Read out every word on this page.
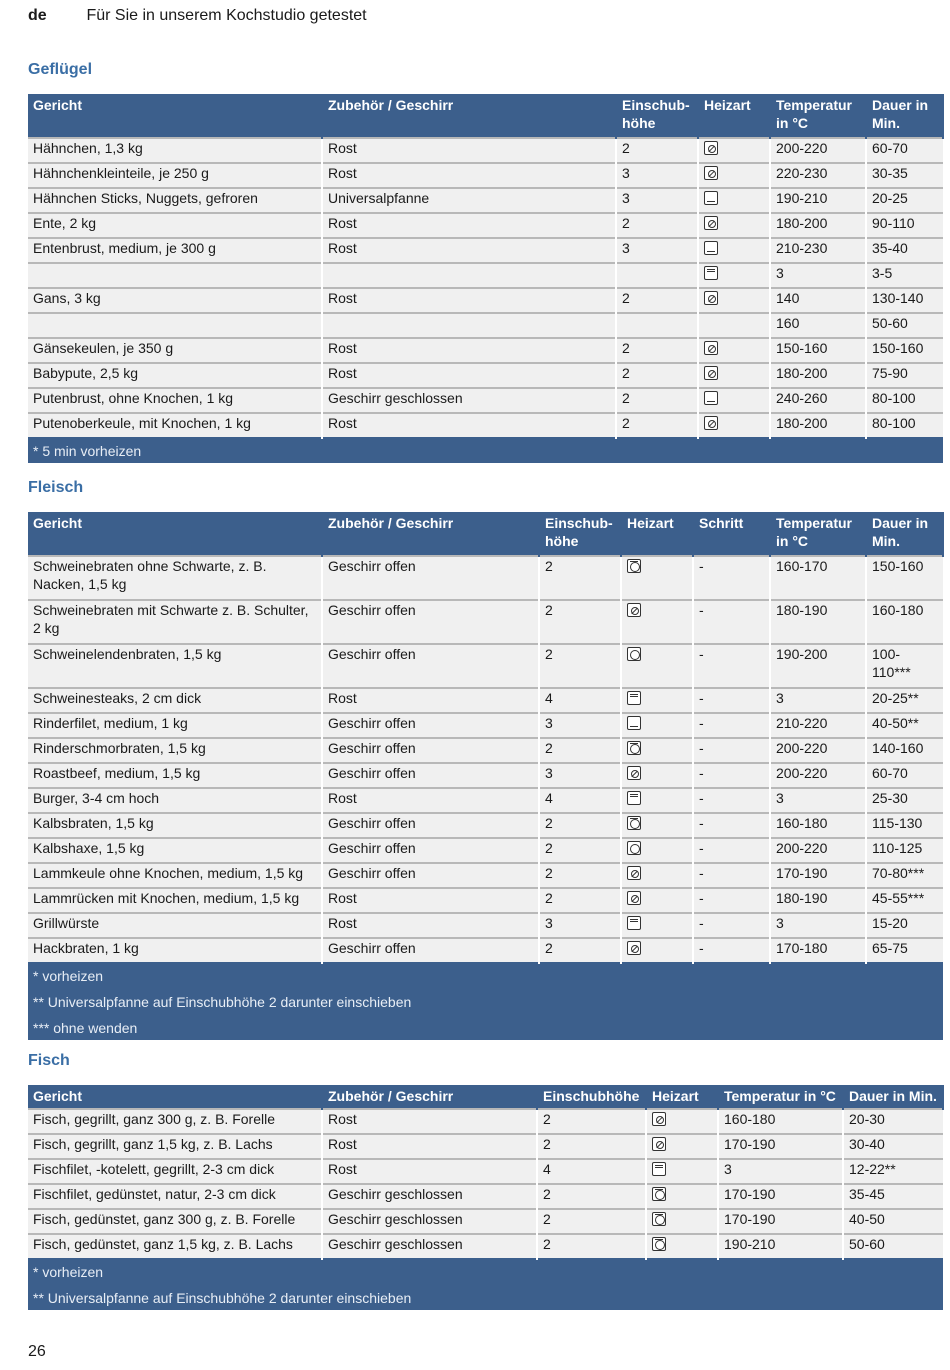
de Für Sie in unserem Kochstudio getestet
Geflügel
Gericht	Zubehör / Geschirr	Einschub-höhe	Heizart	Temperatur in °C	Dauer in Min.
Hähnchen, 1,3 kg	Rost	2		200-220	60-70
Hähnchenkleinteile, je 250 g	Rost	3		220-230	30-35
Hähnchen Sticks, Nuggets, gefroren	Universalpfanne	3		190-210	20-25
Ente, 2 kg	Rost	2		180-200	90-110
Entenbrust, medium, je 300 g	Rost	3		210-230	35-40
				3	3-5
Gans, 3 kg	Rost	2		140	130-140
				160	50-60
Gänsekeulen, je 350 g	Rost	2		150-160	150-160
Babypute, 2,5 kg	Rost	2		180-200	75-90
Putenbrust, ohne Knochen, 1 kg	Geschirr geschlossen	2		240-260	80-100
Putenoberkeule, mit Knochen, 1 kg	Rost	2		180-200	80-100
* 5 min vorheizen					
Fleisch
Gericht	Zubehör / Geschirr	Einschub-höhe	Heizart	Schritt	Temperatur in °C	Dauer in Min.
Schweinebraten ohne Schwarte, z. B. Nacken, 1,5 kg	Geschirr offen	2		-	160-170	150-160
Schweinebraten mit Schwarte z. B. Schulter, 2 kg	Geschirr offen	2		-	180-190	160-180
Schweinelendenbraten, 1,5 kg	Geschirr offen	2		-	190-200	100-110***
Schweinesteaks, 2 cm dick	Rost	4		-	3	20-25**
Rinderfilet, medium, 1 kg	Geschirr offen	3		-	210-220	40-50**
Rinderschmorbraten, 1,5 kg	Geschirr offen	2		-	200-220	140-160
Roastbeef, medium, 1,5 kg	Geschirr offen	3		-	200-220	60-70
Burger, 3-4 cm hoch	Rost	4		-	3	25-30
Kalbsbraten, 1,5 kg	Geschirr offen	2		-	160-180	115-130
Kalbshaxe, 1,5 kg	Geschirr offen	2		-	200-220	110-125
Lammkeule ohne Knochen, medium, 1,5 kg	Geschirr offen	2		-	170-190	70-80***
Lammrücken mit Knochen, medium, 1,5 kg	Rost	2		-	180-190	45-55***
Grillwürste	Rost	3		-	3	15-20
Hackbraten, 1 kg	Geschirr offen	2		-	170-180	65-75
* vorheizen						
** Universalpfanne auf Einschubhöhe 2 darunter einschieben						
*** ohne wenden						
Fisch
Gericht	Zubehör / Geschirr	Einschubhöhe	Heizart	Temperatur in °C	Dauer in Min.
Fisch, gegrillt, ganz 300 g, z. B. Forelle	Rost	2		160-180	20-30
Fisch, gegrillt, ganz 1,5 kg, z. B. Lachs	Rost	2		170-190	30-40
Fischfilet, -kotelett, gegrillt, 2-3 cm dick	Rost	4		3	12-22**
Fischfilet, gedünstet, natur, 2-3 cm dick	Geschirr geschlossen	2		170-190	35-45
Fisch, gedünstet, ganz 300 g, z. B. Forelle	Geschirr geschlossen	2		170-190	40-50
Fisch, gedünstet, ganz 1,5 kg, z. B. Lachs	Geschirr geschlossen	2		190-210	50-60
* vorheizen					
** Universalpfanne auf Einschubhöhe 2 darunter einschieben					
26
